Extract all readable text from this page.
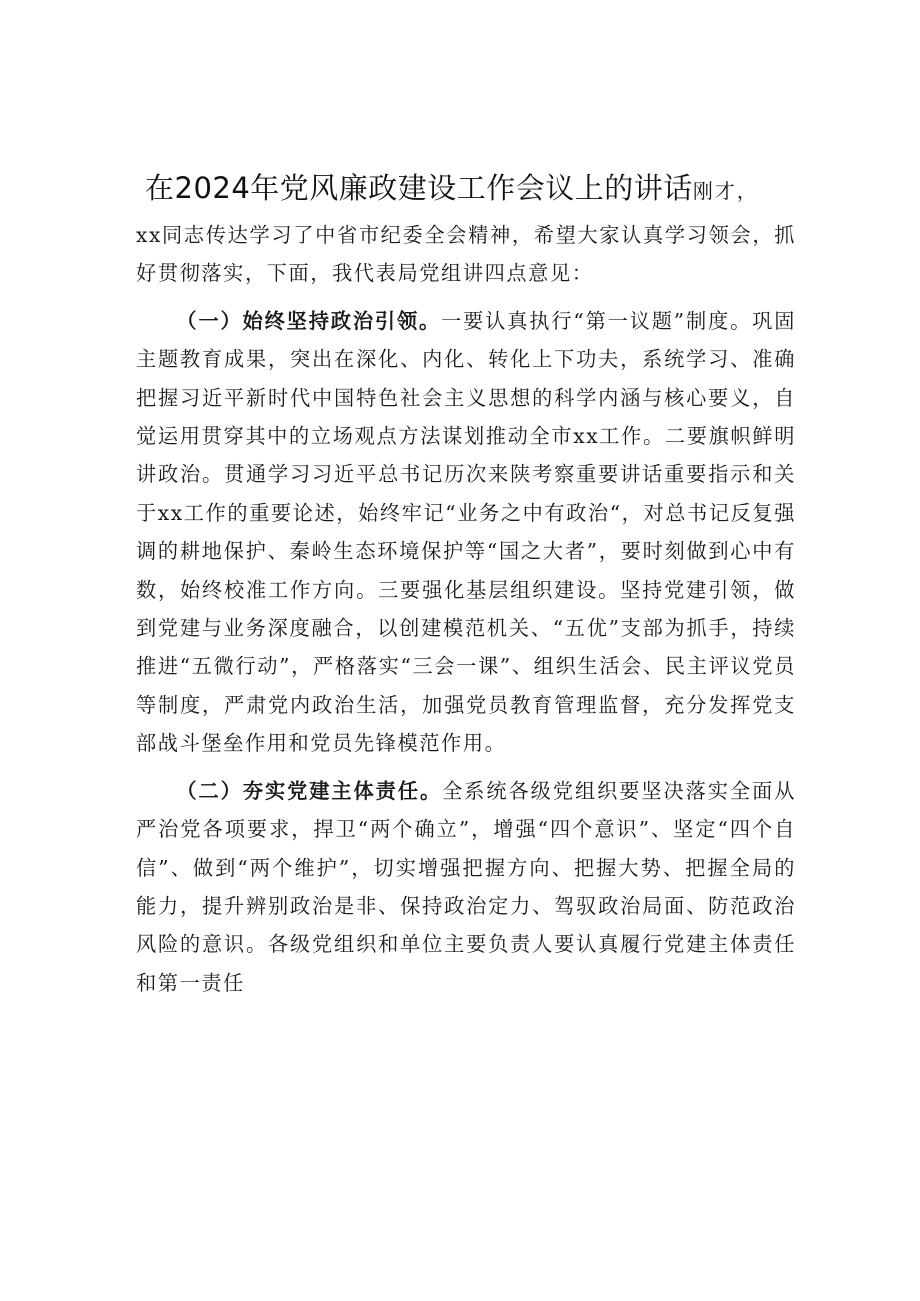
在2024年党风廉政建设工作会议上的讲话刚才，

xx同志传达学习了中省市纪委全会精神，希望大家认真学习领会，抓好贯彻落实，下面，我代表局党组讲四点意见：

（一）始终坚持政治引领。一要认真执行“第一议题”制度。巩固主题教育成果，突出在深化、内化、转化上下功夫，系统学习、准确把握习近平新时代中国特色社会主义思想的科学内涵与核心要义，自觉运用贯穿其中的立场观点方法谋划推动全市xx工作。二要旗帜鲜明讲政治。贯通学习习近平总书记历次来陕考察重要讲话重要指示和关于xx工作的重要论述，始终牢记“业务之中有政治“，对总书记反复强调的耕地保护、秦岭生态环境保护等“国之大者”，要时刻做到心中有数，始终校准工作方向。三要强化基层组织建设。坚持党建引领，做到党建与业务深度融合，以创建模范机关、“五优”支部为抓手，持续推进“五微行动”，严格落实“三会一课”、组织生活会、民主评议党员等制度，严肃党内政治生活，加强党员教育管理监督，充分发挥党支部战斗堡垒作用和党员先锋模范作用。

（二）夯实党建主体责任。全系统各级党组织要坚决落实全面从严治党各项要求，捍卫“两个确立”，增强“四个意识”、坚定“四个自信”、做到“两个维护”，切实增强把握方向、把握大势、把握全局的能力，提升辨别政治是非、保持政治定力、驾驭政治局面、防范政治风险的意识。各级党组织和单位主要负责人要认真履行党建主体责任和第一责任
